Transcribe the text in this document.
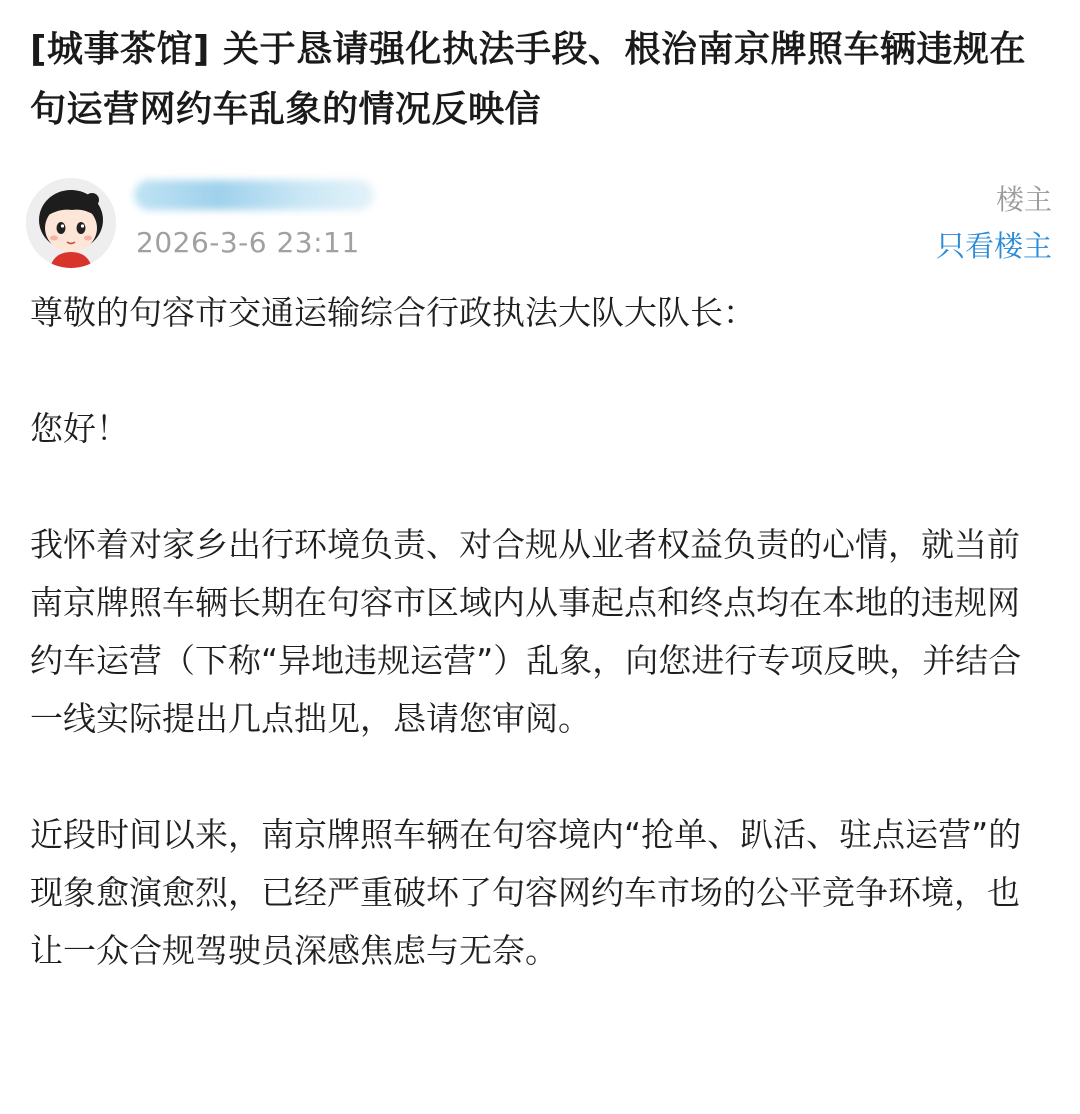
[城事茶馆] 关于恳请强化执法手段、根治南京牌照车辆违规在句运营网约车乱象的情况反映信
2026-3-6 23:11
楼主
只看楼主

尊敬的句容市交通运输综合行政执法大队大队长：

您好！

我怀着对家乡出行环境负责、对合规从业者权益负责的心情，就当前南京牌照车辆长期在句容市区域内从事起点和终点均在本地的违规网约车运营（下称“异地违规运营”）乱象，向您进行专项反映，并结合一线实际提出几点拙见，恳请您审阅。

近段时间以来，南京牌照车辆在句容境内“抢单、趴活、驻点运营”的现象愈演愈烈，已经严重破坏了句容网约车市场的公平竞争环境，也让一众合规驾驶员深感焦虑与无奈。
